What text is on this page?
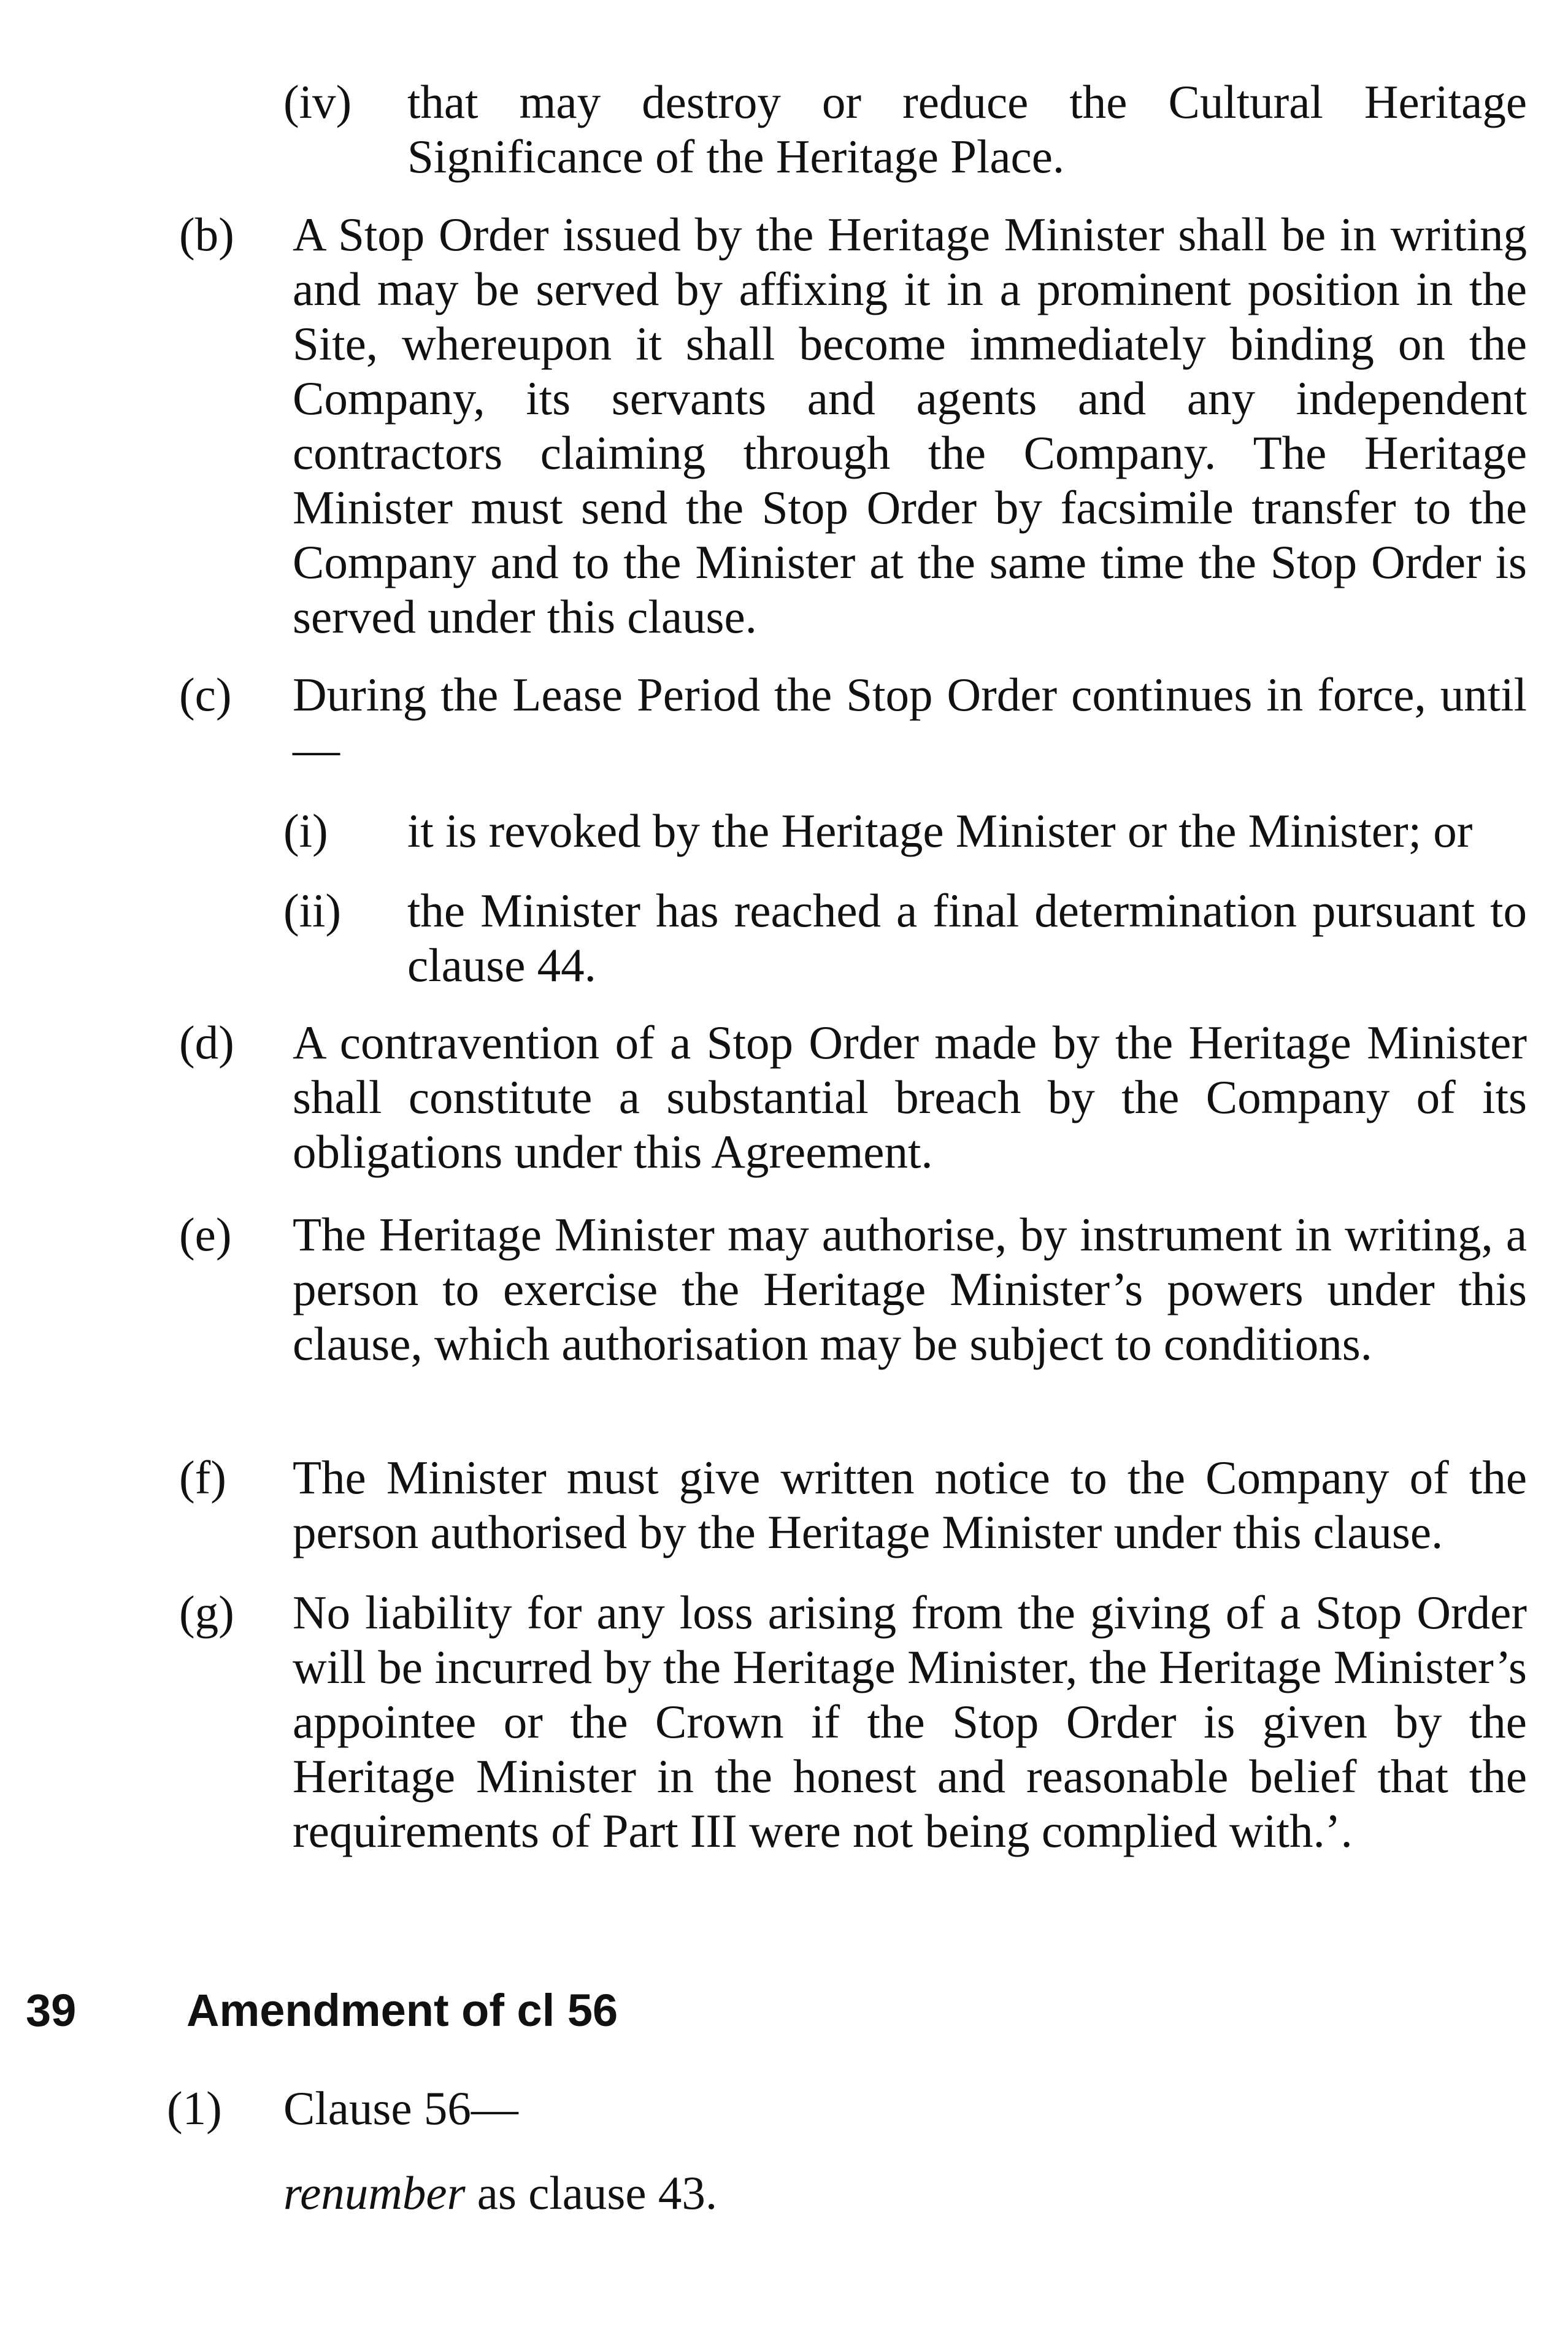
(iv) that may destroy or reduce the Cultural Heritage Significance of the Heritage Place.
(b) A Stop Order issued by the Heritage Minister shall be in writing and may be served by affixing it in a prominent position in the Site, whereupon it shall become immediately binding on the Company, its servants and agents and any independent contractors claiming through the Company. The Heritage Minister must send the Stop Order by facsimile transfer to the Company and to the Minister at the same time the Stop Order is served under this clause.
(c) During the Lease Period the Stop Order continues in force, until—
(i) it is revoked by the Heritage Minister or the Minister; or
(ii) the Minister has reached a final determination pursuant to clause 44.
(d) A contravention of a Stop Order made by the Heritage Minister shall constitute a substantial breach by the Company of its obligations under this Agreement.
(e) The Heritage Minister may authorise, by instrument in writing, a person to exercise the Heritage Minister’s powers under this clause, which authorisation may be subject to conditions.
(f) The Minister must give written notice to the Company of the person authorised by the Heritage Minister under this clause.
(g) No liability for any loss arising from the giving of a Stop Order will be incurred by the Heritage Minister, the Heritage Minister’s appointee or the Crown if the Stop Order is given by the Heritage Minister in the honest and reasonable belief that the requirements of Part III were not being complied with.’.
39 Amendment of cl 56
(1) Clause 56—
renumber as clause 43.
